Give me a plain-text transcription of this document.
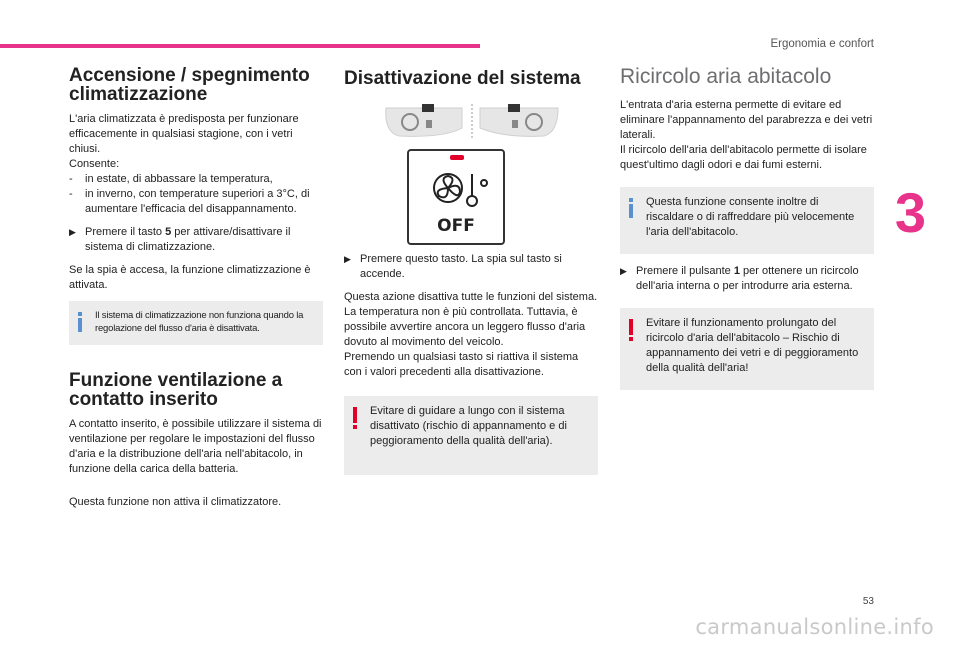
Ergonomia e confort
3
Accensione / spegnimento climatizzazione
L'aria climatizzata è predisposta per funzionare efficacemente in qualsiasi stagione, con i vetri chiusi.
Consente:
-	in estate, di abbassare la temperatura,
-	in inverno, con temperature superiori a 3°C, di aumentare l'efficacia del disappannamento.
▶ Premere il tasto 5 per attivare/disattivare il sistema di climatizzazione.

Se la spia è accesa, la funzione climatizzazione è attivata.

Il sistema di climatizzazione non funziona quando la regolazione del flusso d'aria è disattivata.
Funzione ventilazione a contatto inserito

A contatto inserito, è possibile utilizzare il sistema di ventilazione per regolare le impostazioni del flusso d'aria e la distribuzione dell'aria nell'abitacolo, in funzione della carica della batteria.

Questa funzione non attiva il climatizzatore.

Disattivazione del sistema
OFF
▶ Premere questo tasto. La spia sul tasto si accende.

Questa azione disattiva tutte le funzioni del sistema.
La temperatura non è più controllata. Tuttavia, è possibile avvertire ancora un leggero flusso d'aria dovuto al movimento del veicolo.
Premendo un qualsiasi tasto si riattiva il sistema con i valori precedenti alla disattivazione.

Evitare di guidare a lungo con il sistema disattivato (rischio di appannamento e di peggioramento della qualità dell'aria).
Ricircolo aria abitacolo

L'entrata d'aria esterna permette di evitare ed eliminare l'appannamento del parabrezza e dei vetri laterali.
Il ricircolo dell'aria dell'abitacolo permette di isolare quest'ultimo dagli odori e dai fumi esterni.

Questa funzione consente inoltre di riscaldare o di raffreddare più velocemente l'aria dell'abitacolo.
▶ Premere il pulsante 1 per ottenere un ricircolo dell'aria interna o per introdurre aria esterna.
Evitare il funzionamento prolungato del ricircolo d'aria dell'abitacolo – Rischio di appannamento dei vetri e di peggioramento della qualità dell'aria!
53
carmanualsonline.info
